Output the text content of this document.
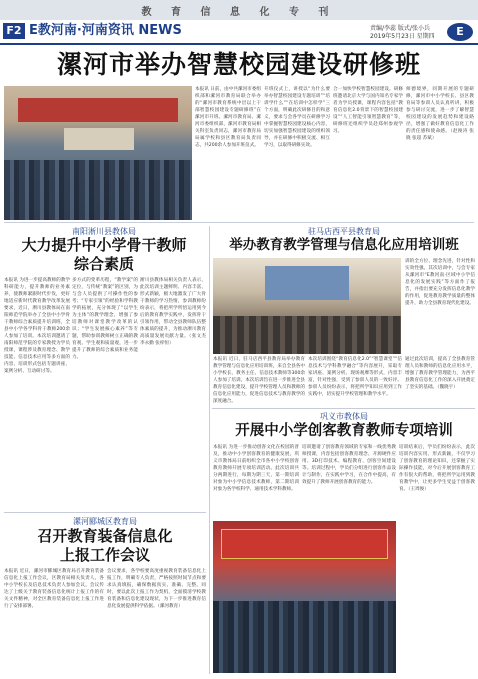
教 育 信 息 化 专 刊
F2 E教河南·河南资讯 NEWS	责编/李蕊 版式/张小兵
2019年5月23日 星期四	E
漯河市举办智慧校园建设研修班
本报讯 日前，由中共漯河市委组织部和漯河市教育局联合举办的“漯河市教育系统中层以上干部智慧校园建设专题研修班”在漯河市开班。漯河市教育局、漯河市委组织部、漯河市教育局相关科室负责同志，漯河市教育局局属学校和县区教育局负责同志，共200余人参加开班仪式。
开班仪式上，讲授以“为什么要举办智慧校园建设专题培训”“培训学什么”“在培训中怎样学”三个方面，明确此次研修目的和意义，要求与会各学员在研修学习中掌握智慧校园建设核心内容，切实加强智慧校园建设的组织领导，并在研修中积极交流、相互学习，以取得研修实效。
合一加快学校智慧校园建设。研修班邀请北京大学与国内知名专家学者为学员授课，课程内容包括“教育信息化2.0背景下的智慧校园建设”“人工智能引领智慧教育”等，研修班还组织学员赴郑州参观学习。
师德境界，同期开展的专题研修，漯河市中小学校长、县区教育局等参训人员认真听讲，积极参与研讨交流，进一步了解智慧校园建设的发展趋势和建设路径，增强了做好教育信息化工作的责任感和使命感。（赵俊涛 张晓 张超 苏斌）
南阳淅川县教体局
大力提升中小学骨干教师
综合素质
本报讯 为进一步提高教师的教学科研能力，提升教师的业务素养，使教师紧跟时代步伐，更好地适应新时代教育教学改革发展要求，近日，淅川县教体局在南阳师范学院举办了全县中小学骨干教师综合素质提升培训班，全县中小学各学科骨干教师200余人参加了培训。本次培训邀请了南阳师范学院的专家教授为学员授课，课程涉及教育理念、教学技能、信息技术应用等多方面的内容，培训形式包括专题讲座、案例分析、互动研讨等。
多方式的变革历程，“教学案”的定位，与传统“教案”的区别，为与会人员提供了可操作性的参考；“专家引领”的经验和学科教学的拓展，充分体现了“以学生为主体”的教学理念，增强了参培教师对课堂教学改革的认识；“学生发展核心素养”等专题，帮助参训教师树立正确的教育观、学生观和质量观，进一步提升了教师的综合素质和业务能力。
淅川县教体局相关负责人表示，此次培训主题鲜明、内容丰富、形式新颖，极大地激发了广大骨干教师的学习热情，参训教师纷纷表示，将把所学所悟运用到今后的教育教学实践中，发挥骨干引领作用，带动全县教师队伍整体素质的提升，为推动淅川教育高质量发展贡献力量。（张文杰 李永勤 张梓恒）
驻马店西平县教育局
举办教育教学管理与信息化应用培训班
训的全方位、理念先进，针对性和实效性强。其次培训中，与会专家从漯河市“E教河南·区域中小学信息化的发展实践”等方面作了报告，并指出要充分发挥信息化教学的作用，促进教育教学质量的整体提升，助力全县教育现代化建设。
本报讯 近日，驻马店西平县教育局举办教育教学管理与信息化应用培训班，来自全县各中小学校长、教务主任、信息技术教师等300余人参加了培训。本次培训旨在进一步推进全县教育信息化建设，提升学校管理人员和教师的信息化应用能力，促进信息技术与教育教学的深度融合。
本次培训围绕“教育信息化2.0”“智慧课堂”“信息技术与学科教学融合”等内容展开，采取专家讲座、案例分析、现场观摩等形式，内容丰富，针对性强，受到了参训人员的一致好评。参训人员纷纷表示，将把所学知识应用到工作实践中，切实提升学校管理和教学水平。
通过此次培训，提高了全县教育管理人员和教师的信息化应用水平，增强了教育教学管理能力，为西平县教育信息化工作的深入开展奠定了坚实的基础。（魏晓宇）
巩义市教体局
开展中小学创客教育教师专项培训
本报讯 为进一步推动创客文化在校园的普及，推动中小学创客教育的健康发展，巩义市教体局日前组织全市各中小学校创客教育教师开展专项培训活动。此次培训共分两期进行，每期为期三天，第一期培训对象为中小学信息技术教师，第二期培训对象为各学校科学、通用技术学科教师。
培训邀请了创客教育领域的专家和一线优秀教师授课，内容包括创客教育理念、开源硬件应用、3D打印技术、编程教育、创客空间建设等。培训过程中，学员们分组进行创客作品设计与制作，在实践中学习，在合作中提高，有效提升了教师开展创客教育的能力。
培训结束后，学员们纷纷表示，此次培训内容实用、形式新颖，不仅学习了创客教育的理论知识，还掌握了实际操作技能，对今后开展创客教育工作有很大的帮助，将把所学运用到教育教学中，让更多学生受益于创客教育。（王周俊）
漯河郾城区教育局
召开教育装备信息化
上报工作会议
本报讯 近日，漯河市郾城区教育局召开教育装备信息化上报工作会议，区教育局相关负责人、各中小学校长及信息技术负责人参加会议。会议传达了上级关于教育装备信息化统计上报工作的有关文件精神，对全区教育装备信息化上报工作进行了安排部署。
会议要求，各学校要高度重视教育装备信息化上报工作，明确专人负责，严格按照时间节点和要求认真填报，确保数据真实、准确、完整。同时，要以此次上报工作为契机，全面摸清学校教育装备和信息化建设现状，为下一步推进教育信息化发展提供科学依据。（漯河教育）
